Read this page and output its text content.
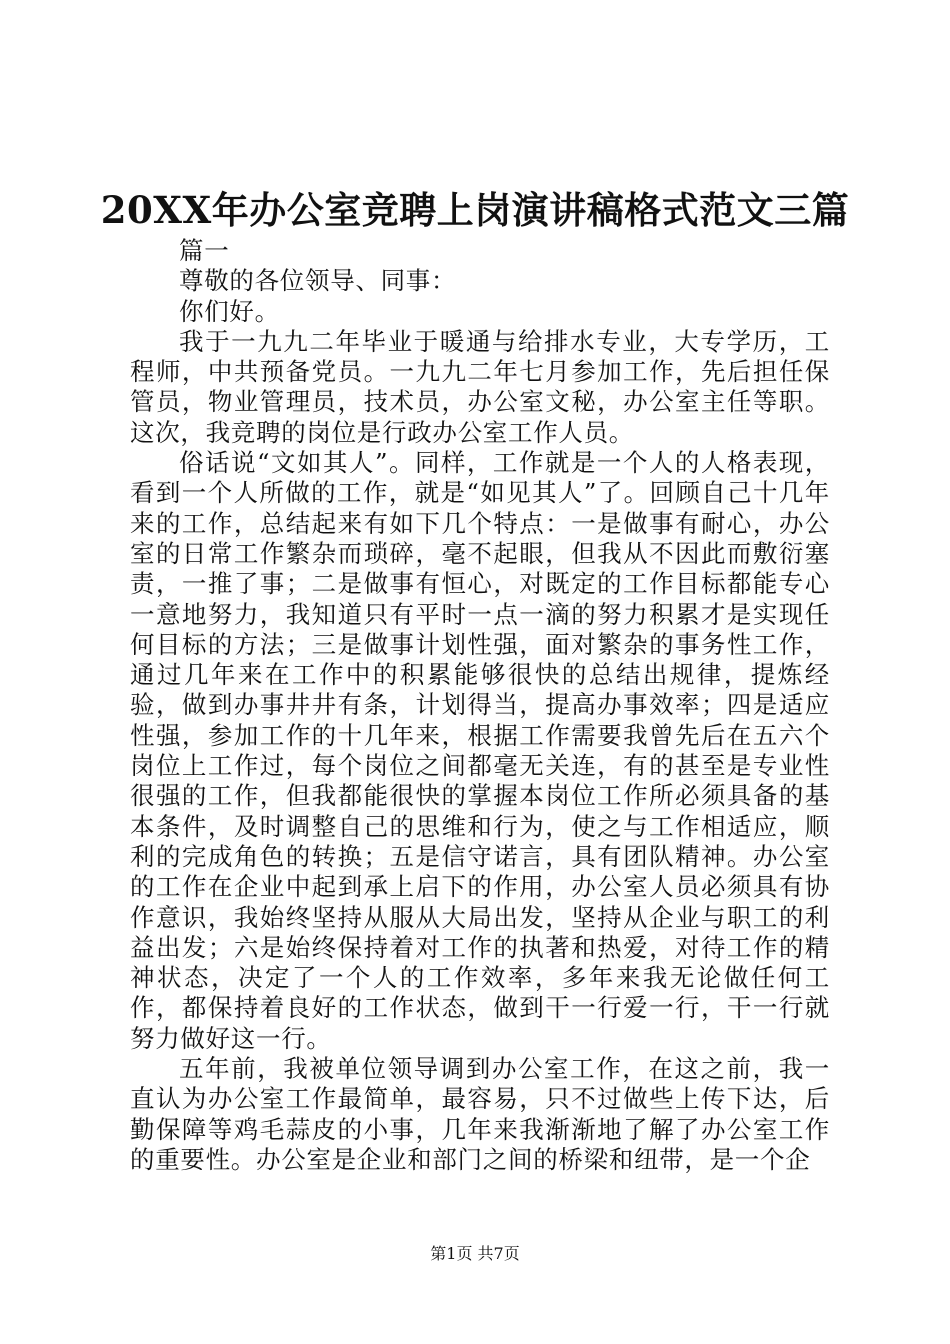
20XX年办公室竞聘上岗演讲稿格式范文三篇

篇一

尊敬的各位领导、同事：

你们好。

我于一九九二年毕业于暖通与给排水专业，大专学历，工程师，中共预备党员。一九九二年七月参加工作，先后担任保管员，物业管理员，技术员，办公室文秘，办公室主任等职。这次，我竞聘的岗位是行政办公室工作人员。

俗话说“文如其人”。同样，工作就是一个人的人格表现，看到一个人所做的工作，就是“如见其人”了。回顾自己十几年来的工作，总结起来有如下几个特点：一是做事有耐心，办公室的日常工作繁杂而琐碎，毫不起眼，但我从不因此而敷衍塞责，一推了事；二是做事有恒心，对既定的工作目标都能专心一意地努力，我知道只有平时一点一滴的努力积累才是实现任何目标的方法；三是做事计划性强，面对繁杂的事务性工作，通过几年来在工作中的积累能够很快的总结出规律，提炼经验，做到办事井井有条，计划得当，提高办事效率；四是适应性强，参加工作的十几年来，根据工作需要我曾先后在五六个岗位上工作过，每个岗位之间都毫无关连，有的甚至是专业性很强的工作，但我都能很快的掌握本岗位工作所必须具备的基本条件，及时调整自己的思维和行为，使之与工作相适应，顺利的完成角色的转换；五是信守诺言，具有团队精神。办公室的工作在企业中起到承上启下的作用，办公室人员必须具有协作意识，我始终坚持从服从大局出发，坚持从企业与职工的利益出发；六是始终保持着对工作的执著和热爱，对待工作的精神状态，决定了一个人的工作效率，多年来我无论做任何工作，都保持着良好的工作状态，做到干一行爱一行，干一行就努力做好这一行。

五年前，我被单位领导调到办公室工作，在这之前，我一直认为办公室工作最简单，最容易，只不过做些上传下达，后勤保障等鸡毛蒜皮的小事，几年来我渐渐地了解了办公室工作的重要性。办公室是企业和部门之间的桥梁和纽带，是一个企

第1页 共7页
